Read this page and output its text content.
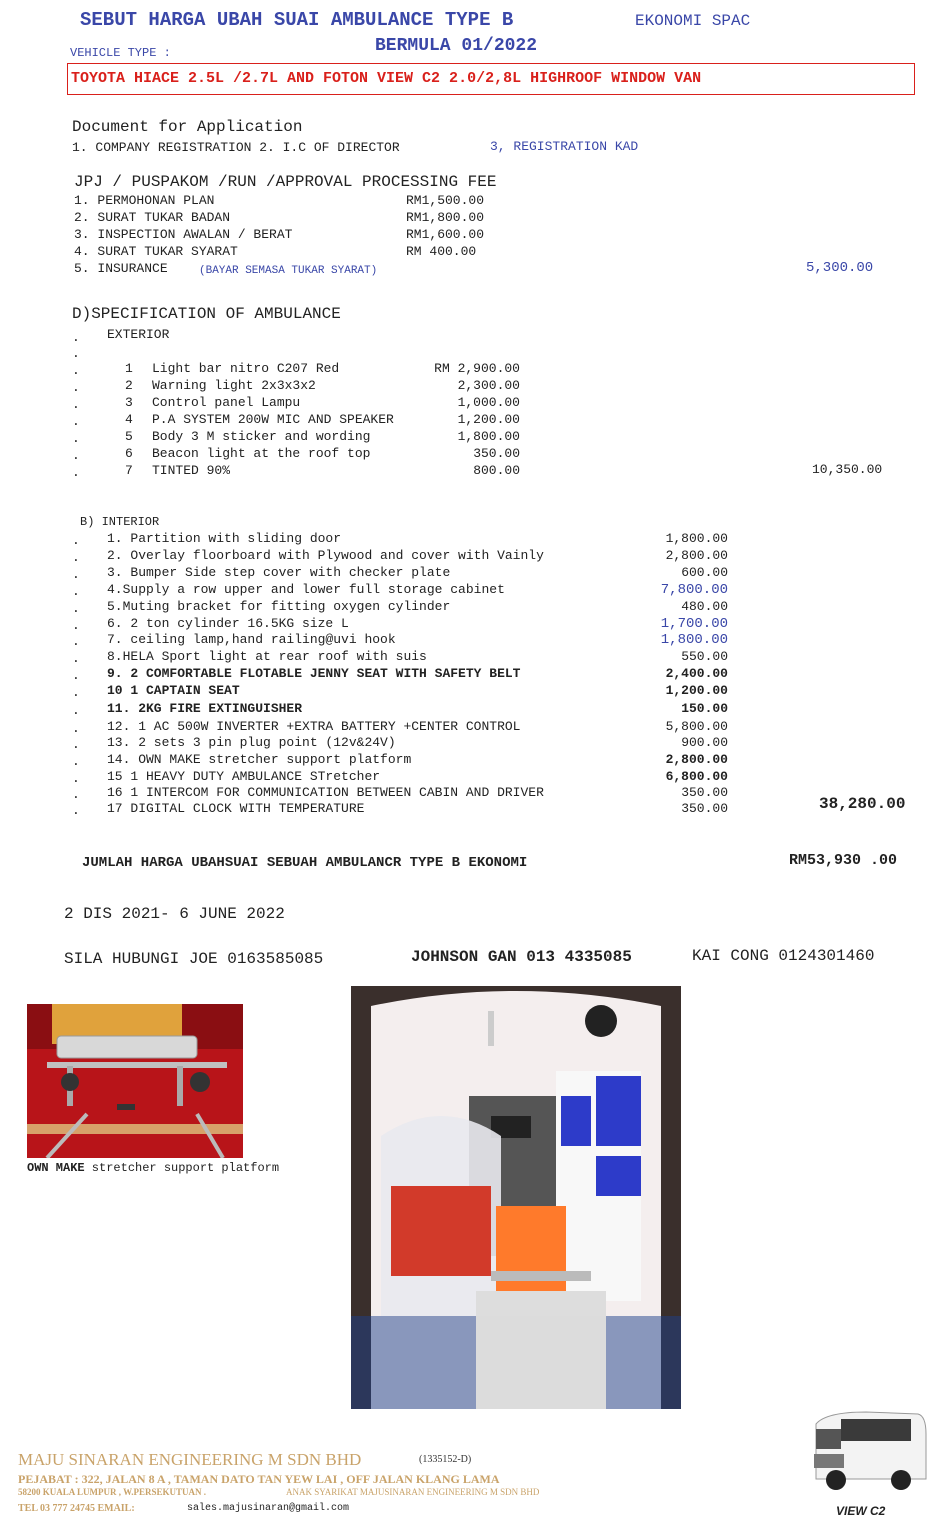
SEBUT HARGA UBAH SUAI AMBULANCE TYPE B	EKONOMI SPAC
BERMULA 01/2022
VEHICLE TYPE :
TOYOTA HIACE 2.5L /2.7L AND FOTON VIEW C2 2.0/2,8L HIGHROOF WINDOW VAN
Document for Application
1. COMPANY REGISTRATION 2. I.C OF DIRECTOR	3, REGISTRATION KAD
JPJ / PUSPAKOM /RUN /APPROVAL PROCESSING FEE
1. PERMOHONAN PLAN	RM1,500.00
2. SURAT TUKAR BADAN	RM1,800.00
3. INSPECTION AWALAN / BERAT	RM1,600.00
4. SURAT TUKAR SYARAT	RM 400.00
5. INSURANCE	(BAYAR SEMASA TUKAR SYARAT)	5,300.00
D)SPECIFICATION OF AMBULANCE
. EXTERIOR
.
.	1 Light bar nitro C207 Red	RM 2,900.00
.	2 Warning light 2x3x3x2	2,300.00
.	3 Control panel Lampu	1,000.00
.	4 P.A SYSTEM 200W MIC AND SPEAKER	1,200.00
.	5 Body 3 M sticker and wording	1,800.00
.	6 Beacon light at the roof top	350.00
.	7 TINTED 90%	800.00	10,350.00
B) INTERIOR
. 1. Partition with sliding door	1,800.00
. 2. Overlay floorboard with Plywood and cover with Vainly	2,800.00
. 3. Bumper Side step cover with checker plate	600.00
. 4.Supply a row upper and lower full storage cabinet	7,800.00
. 5.Muting bracket for fitting oxygen cylinder	480.00
. 6. 2 ton cylinder 16.5KG size L	1,700.00
. 7. ceiling lamp,hand railing@uvi hook	1,800.00
. 8.HELA Sport light at rear roof with suis	550.00
. 9. 2 COMFORTABLE FLOTABLE JENNY SEAT WITH SAFETY BELT	2,400.00
. 10 1 CAPTAIN SEAT	1,200.00
. 11. 2KG FIRE EXTINGUISHER	150.00
. 12. 1 AC 500W INVERTER +EXTRA BATTERY +CENTER CONTROL	5,800.00
. 13. 2 sets 3 pin plug point (12v&24V)	900.00
. 14. OWN MAKE stretcher support platform	2,800.00
. 15 1 HEAVY DUTY AMBULANCE STretcher	6,800.00
. 16 1 INTERCOM FOR COMMUNICATION BETWEEN CABIN AND DRIVER	350.00
. 17 DIGITAL CLOCK WITH TEMPERATURE	350.00	38,280.00
JUMLAH HARGA UBAHSUAI SEBUAH AMBULANCR TYPE B EKONOMI	RM53,930 .00
2 DIS 2021- 6 JUNE 2022
SILA HUBUNGI JOE 0163585085	JOHNSON GAN 013 4335085	KAI CONG 0124301460
OWN MAKE stretcher support platform
VIEW C2
MAJU SINARAN ENGINEERING M SDN BHD	(1335152-D)
PEJABAT : 322, JALAN 8 A , TAMAN DATO TAN YEW LAI , OFF JALAN KLANG LAMA
58200 KUALA LUMPUR , W.PERSEKUTUAN .	ANAK SYARIKAT MAJUSINARAN ENGINEERING M SDN BHD
TEL 03 777 24745 EMAIL:	sales.majusinaran@gmail.com
